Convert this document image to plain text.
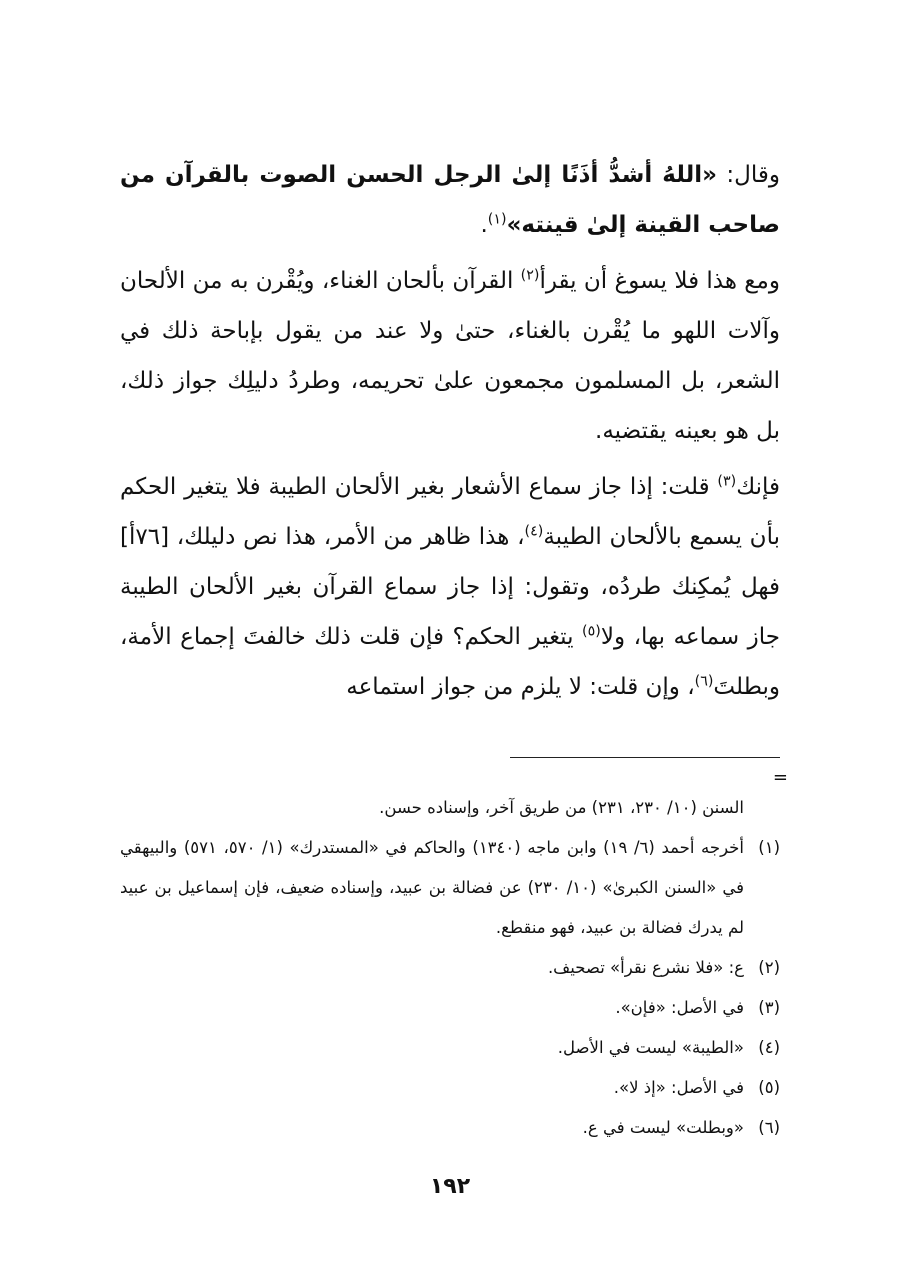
وقال: «اللهُ أشدُّ أذَنًا إلىٰ الرجل الحسن الصوت بالقرآن من صاحب القينة إلىٰ قينته»$^{(١)}$.

ومع هذا فلا يسوغ أن يقرأ$^{(٢)}$ القرآن بألحان الغناء، ويُقْرن به من الألحان وآلات اللهو ما يُقْرن بالغناء، حتىٰ ولا عند من يقول بإباحة ذلك في الشعر، بل المسلمون مجمعون علىٰ تحريمه، وطردُ دليلِك جواز ذلك، بل هو بعينه يقتضيه.

فإنك$^{(٣)}$ قلت: إذا جاز سماع الأشعار بغير الألحان الطيبة فلا يتغير الحكم بأن يسمع بالألحان الطيبة$^{(٤)}$، هذا ظاهر من الأمر، هذا نص دليلك، [٧٦أ] فهل يُمكِنك طردُه، وتقول: إذا جاز سماع القرآن بغير الألحان الطيبة جاز سماعه بها، ولا$^{(٥)}$ يتغير الحكم؟ فإن قلت ذلك خالفتَ إجماع الأمة، وبطلتَ$^{(٦)}$، وإن قلت: لا يلزم من جواز استماعه

=
السنن (١٠/ ٢٣٠، ٢٣١) من طريق آخر، وإسناده حسن.
(١)
أخرجه أحمد (٦/ ١٩) وابن ماجه (١٣٤٠) والحاكم في «المستدرك» (١/ ٥٧٠، ٥٧١) والبيهقي في «السنن الكبرىٰ» (١٠/ ٢٣٠) عن فضالة بن عبيد، وإسناده ضعيف، فإن إسماعيل بن عبيد لم يدرك فضالة بن عبيد، فهو منقطع.
(٢)
ع: «فلا نشرع نقرأ» تصحيف.
(٣)
في الأصل: «فإن».
(٤)
«الطيبة» ليست في الأصل.
(٥)
في الأصل: «إذ لا».
(٦)
«وبطلت» ليست في ع.
١٩٢
